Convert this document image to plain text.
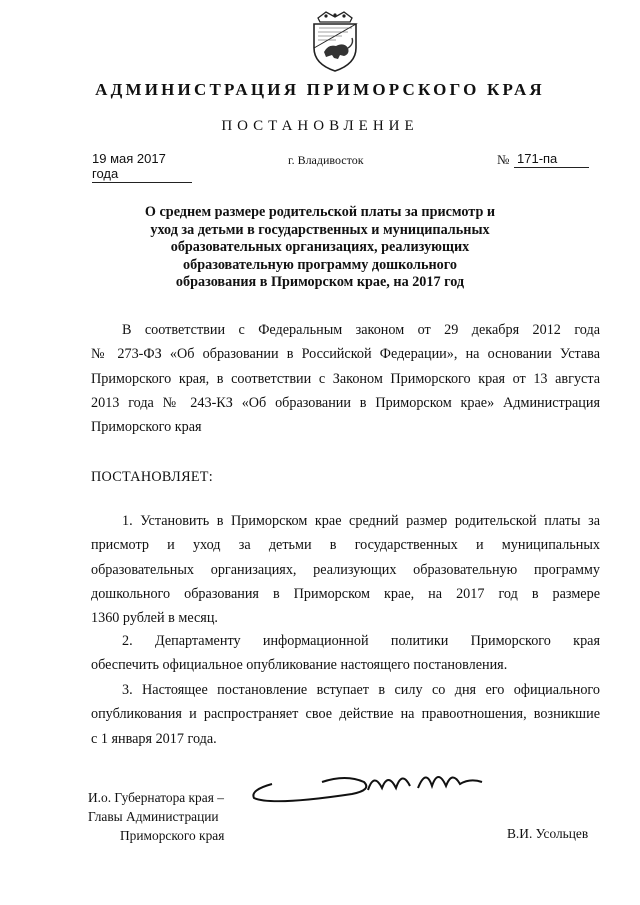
АДМИНИСТРАЦИЯ ПРИМОРСКОГО КРАЯ
ПОСТАНОВЛЕНИЕ
19 мая 2017 года
г. Владивосток	№ 171-па
О среднем размере родительской платы за присмотр и
уход за детьми в государственных и муниципальных
образовательных организациях, реализующих
образовательную программу дошкольного
образования в Приморском крае, на 2017 год
В соответствии с Федеральным законом от 29 декабря 2012 года
№ 273-ФЗ «Об образовании в Российской Федерации», на основании Устава
Приморского края, в соответствии с Законом Приморского края от 13 августа
2013 года № 243-КЗ «Об образовании в Приморском крае» Администрация
Приморского края
ПОСТАНОВЛЯЕТ:
1. Установить в Приморском крае средний размер родительской платы за
присмотр и уход за детьми в государственных и муниципальных
образовательных организациях, реализующих образовательную программу
дошкольного образования в Приморском крае, на 2017 год в размере
1360 рублей в месяц.
2. Департаменту информационной политики Приморского края
обеспечить официальное опубликование настоящего постановления.
3. Настоящее постановление вступает в силу со дня его официального
опубликования и распространяет свое действие на правоотношения, возникшие
с 1 января 2017 года.
И.о. Губернатора края –
Главы Администрации
Приморского края	В.И. Усольцев
